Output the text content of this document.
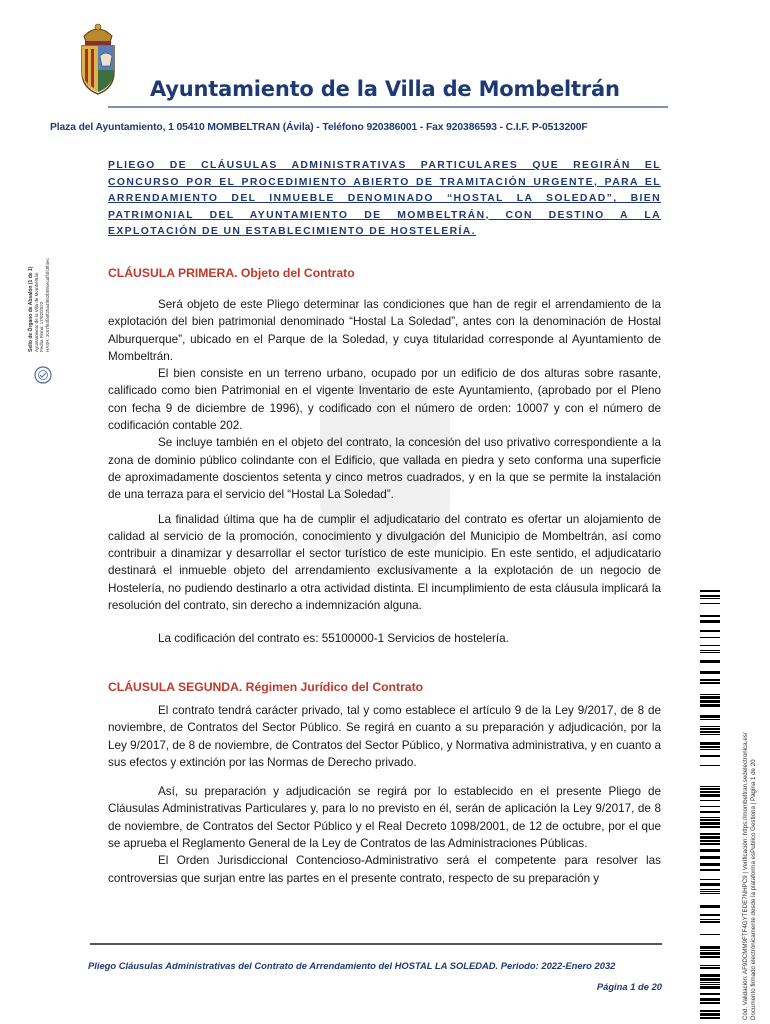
Ayuntamiento de la Villa de Mombeltrán
Plaza del Ayuntamiento, 1 05410 MOMBELTRAN (Ávila) - Teléfono 920386001 - Fax 920386593 - C.I.F. P-0513200F
Sello de Órgano de Absalón (1 de 1)
Ayuntamiento de la Villa de Mombeltrán
Fecha Firma: 17/02/2022
HASH: 3c57f64fa0f25a4f652b09cecaff4fc8f4ec
PLIEGO DE CLÁUSULAS ADMINISTRATIVAS PARTICULARES QUE REGIRÁN EL CONCURSO POR EL PROCEDIMIENTO ABIERTO DE TRAMITACIÓN URGENTE, PARA EL ARRENDAMIENTO DEL INMUEBLE DENOMINADO “HOSTAL LA SOLEDAD”, BIEN PATRIMONIAL DEL AYUNTAMIENTO DE MOMBELTRÁN, CON DESTINO A LA EXPLOTACIÓN DE UN ESTABLECIMIENTO DE HOSTELERÍA.
CLÁUSULA PRIMERA. Objeto del Contrato

Será objeto de este Pliego determinar las condiciones que han de regir el arrendamiento de la explotación del bien patrimonial denominado “Hostal La Soledad”, antes con la denominación de Hostal Alburquerque”, ubicado en el Parque de la Soledad, y cuya titularidad corresponde al Ayuntamiento de Mombeltrán.

El bien consiste en un terreno urbano, ocupado por un edificio de dos alturas sobre rasante, calificado como bien Patrimonial en el vigente Inventario de este Ayuntamiento, (aprobado por el Pleno con fecha 9 de diciembre de 1996), y codificado con el número de orden: 10007 y con el número de codificación contable 202.

Se incluye también en el objeto del contrato, la concesión del uso privativo correspondiente a la zona de dominio público colindante con el Edificio, que vallada en piedra y seto conforma una superficie de aproximadamente doscientos setenta y cinco metros cuadrados, y en la que se permite la instalación de una terraza para el servicio del “Hostal La Soledad”.

La finalidad última que ha de cumplir el adjudicatario del contrato es ofertar un alojamiento de calidad al servicio de la promoción, conocimiento y divulgación del Municipio de Mombeltrán, así como contribuir a dinamizar y desarrollar el sector turístico de este municipio. En este sentido, el adjudicatario destinará el inmueble objeto del arrendamiento exclusivamente a la explotación de un negocio de Hostelería, no pudiendo destinarlo a otra actividad distinta. El incumplimiento de esta cláusula implicará la resolución del contrato, sin derecho a indemnización alguna.

La codificación del contrato es: 55100000-1 Servicios de hostelería.

CLÁUSULA SEGUNDA. Régimen Jurídico del Contrato

El contrato tendrá carácter privado, tal y como establece el artículo 9 de la Ley 9/2017, de 8 de noviembre, de Contratos del Sector Público. Se regirá en cuanto a su preparación y adjudicación, por la Ley 9/2017, de 8 de noviembre, de Contratos del Sector Público, y Normativa administrativa, y en cuanto a sus efectos y extinción por las Normas de Derecho privado.

Así, su preparación y adjudicación se regirá por lo establecido en el presente Pliego de Cláusulas Administrativas Particulares y, para lo no previsto en él, serán de aplicación la Ley 9/2017, de 8 de noviembre, de Contratos del Sector Público y el Real Decreto 1098/2001, de 12 de octubre, por el que se aprueba el Reglamento General de la Ley de Contratos de las Administraciones Públicas.

El Orden Jurisdiccional Contencioso-Administrativo será el competente para resolver las controversias que surjan entre las partes en el presente contrato, respecto de su preparación y	Cód. Validación: AF9DCMM9FTF4GYTEDE7NHPC9 | Verificación: https://mombeltran.sedelectronica.es/
Documento firmado electrónicamente desde la plataforma esPublico Gestiona | Página 1 de 20
Pliego Cláusulas Administrativas del Contrato de Arrendamiento del HOSTAL LA SOLEDAD. Periodo: 2022-Enero 2032
Página 1 de 20
